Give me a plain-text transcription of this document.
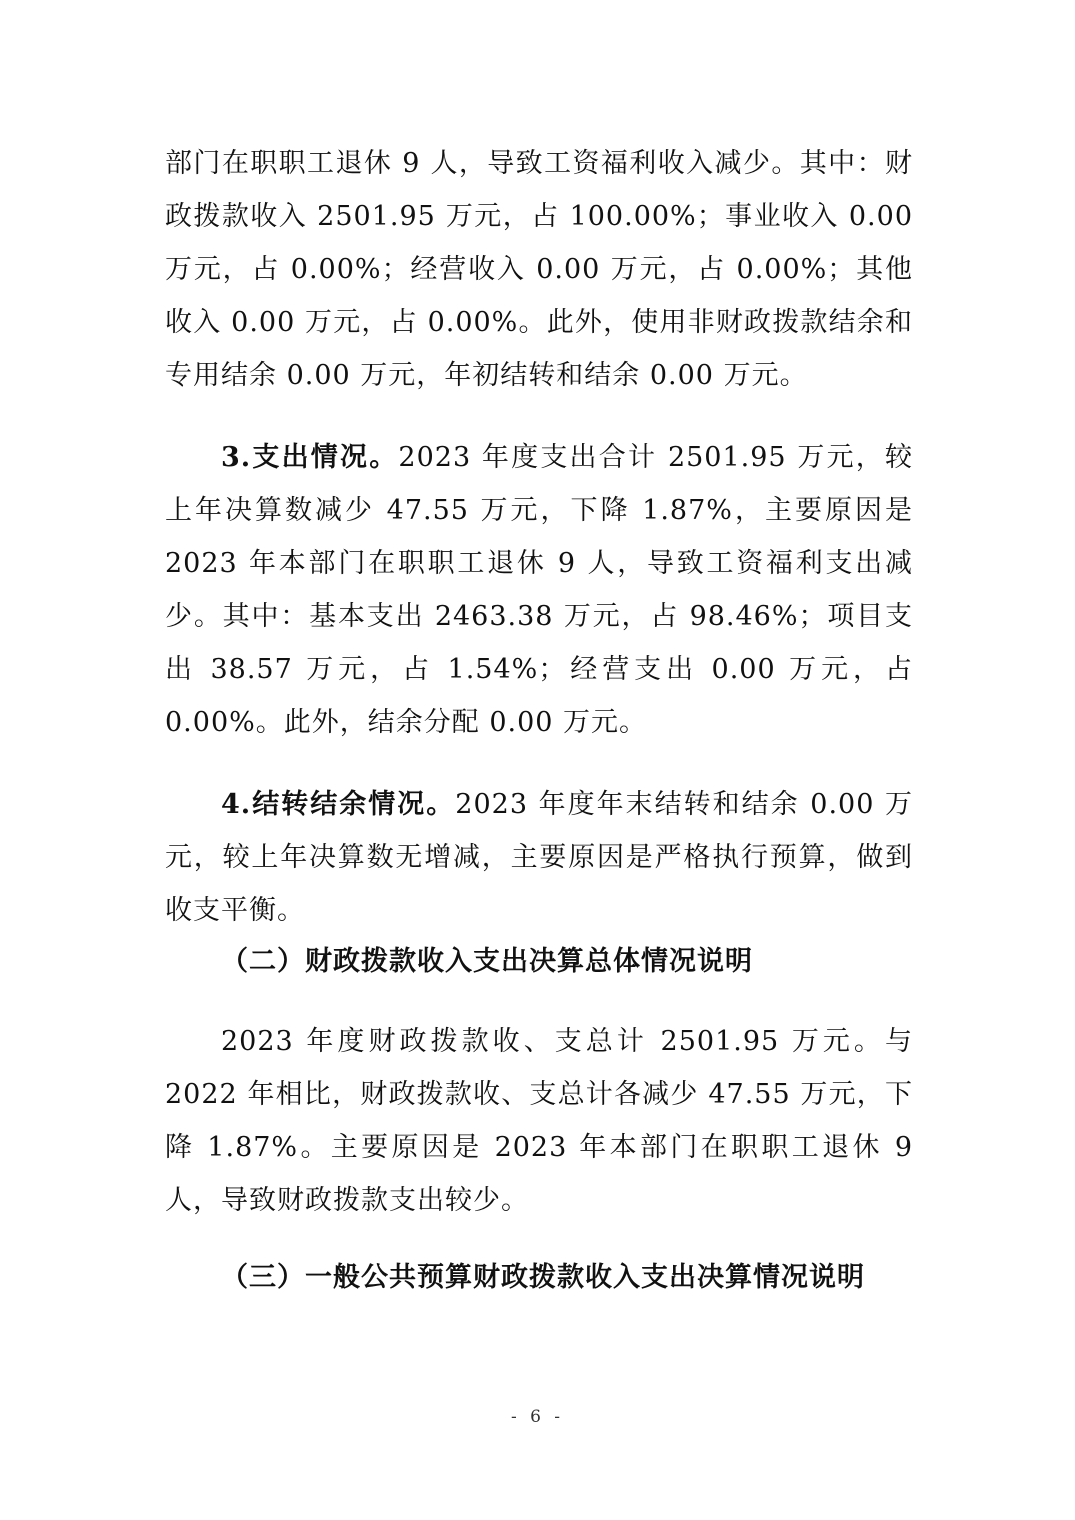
部门在职职工退休 9 人，导致工资福利收入减少。其中：财政拨款收入 2501.95 万元，占 100.00%；事业收入 0.00 万元，占 0.00%；经营收入 0.00 万元，占 0.00%；其他收入 0.00 万元，占 0.00%。此外，使用非财政拨款结余和专用结余 0.00 万元，年初结转和结余 0.00 万元。

3.支出情况。2023 年度支出合计 2501.95 万元，较上年决算数减少 47.55 万元，下降 1.87%，主要原因是 2023 年本部门在职职工退休 9 人，导致工资福利支出减少。其中：基本支出 2463.38 万元，占 98.46%；项目支出 38.57 万元，占 1.54%；经营支出 0.00 万元，占 0.00%。此外，结余分配 0.00 万元。

4.结转结余情况。2023 年度年末结转和结余 0.00 万元，较上年决算数无增减，主要原因是严格执行预算，做到收支平衡。

（二）财政拨款收入支出决算总体情况说明

2023 年度财政拨款收、支总计 2501.95 万元。与 2022 年相比，财政拨款收、支总计各减少 47.55 万元，下降 1.87%。主要原因是 2023 年本部门在职职工退休 9 人，导致财政拨款支出较少。

（三）一般公共预算财政拨款收入支出决算情况说明
- 6 -
